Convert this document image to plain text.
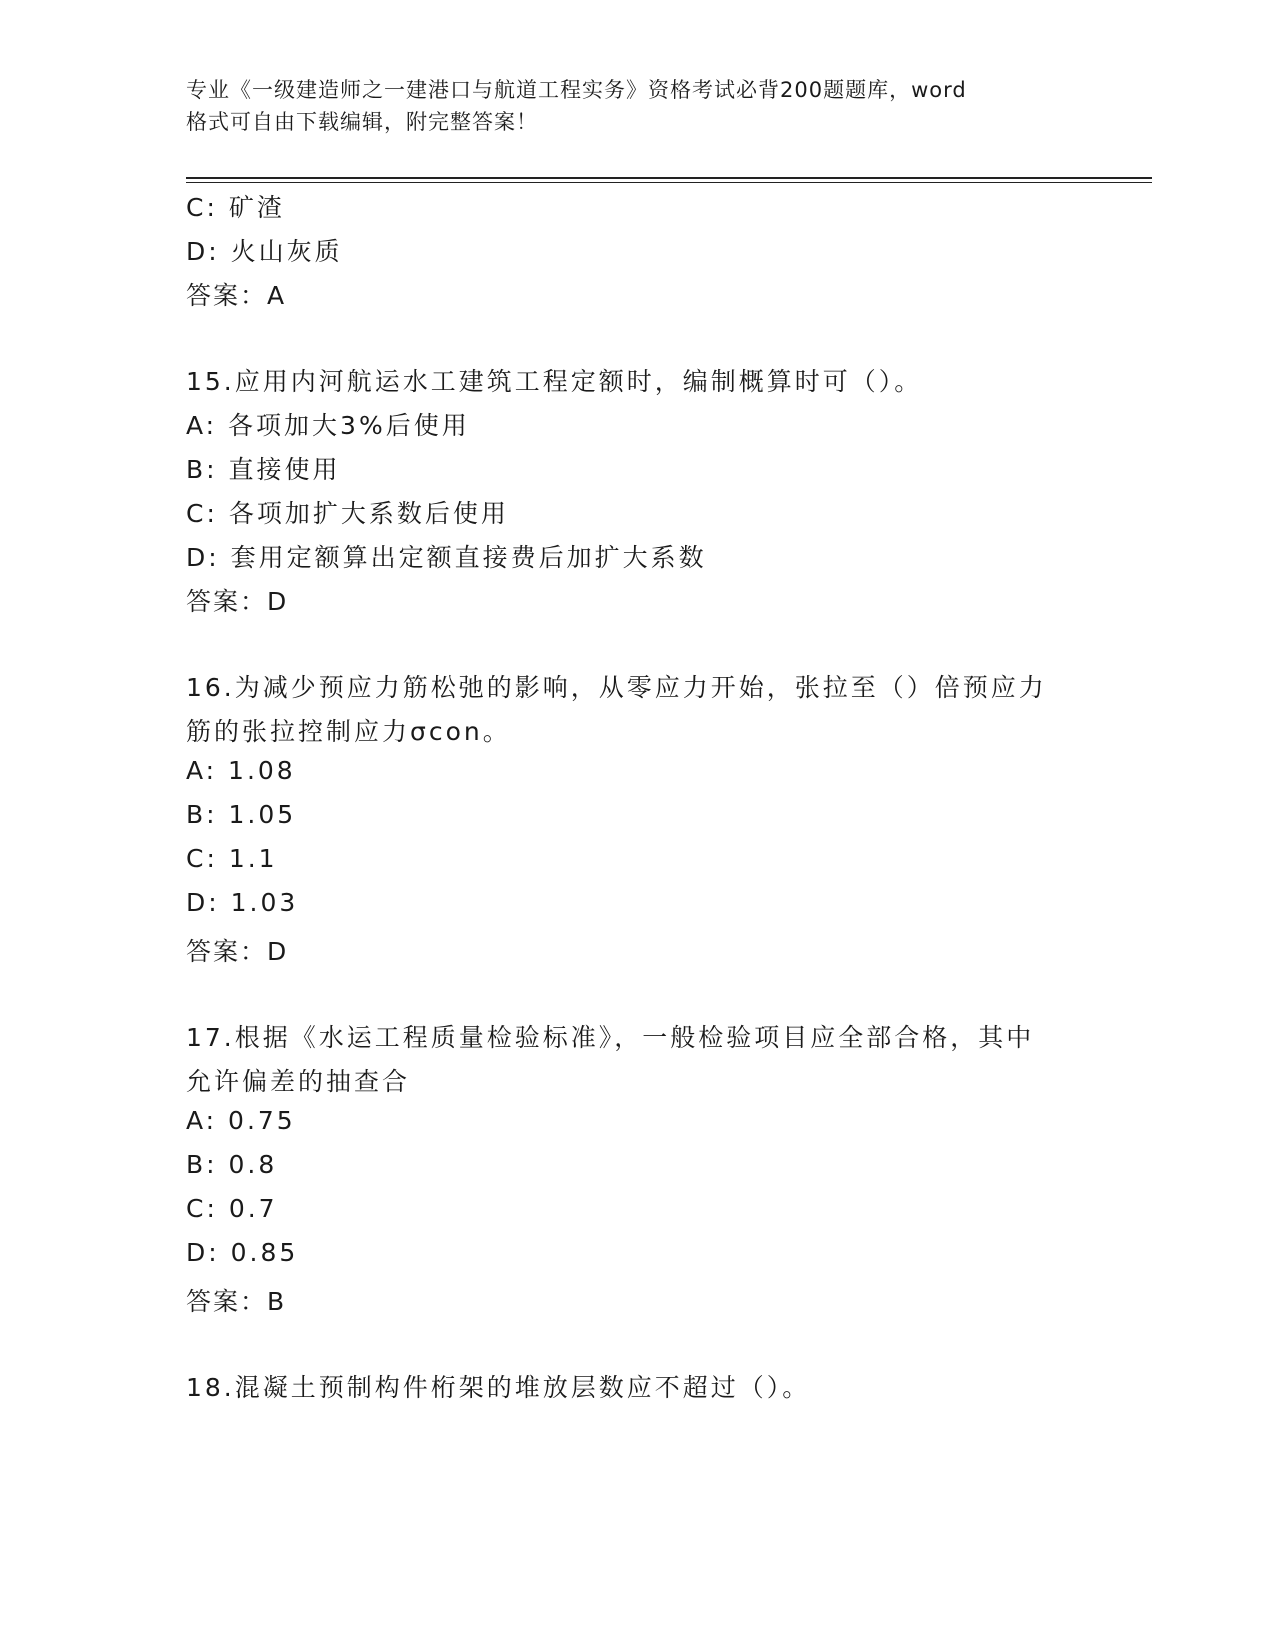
专业《一级建造师之一建港口与航道工程实务》资格考试必背200题题库，word
格式可自由下载编辑，附完整答案！
C: 矿渣
D: 火山灰质
答案：A
15.应用内河航运水工建筑工程定额时，编制概算时可（）。
A: 各项加大3%后使用
B: 直接使用
C: 各项加扩大系数后使用
D: 套用定额算出定额直接费后加扩大系数
答案：D
16.为减少预应力筋松弛的影响，从零应力开始，张拉至（）倍预应力
筋的张拉控制应力σcon。
A: 1.08
B: 1.05
C: 1.1
D: 1.03
答案：D
17.根据《水运工程质量检验标准》，一般检验项目应全部合格，其中
允许偏差的抽查合
A: 0.75
B: 0.8
C: 0.7
D: 0.85
答案：B
18.混凝土预制构件桁架的堆放层数应不超过（）。
